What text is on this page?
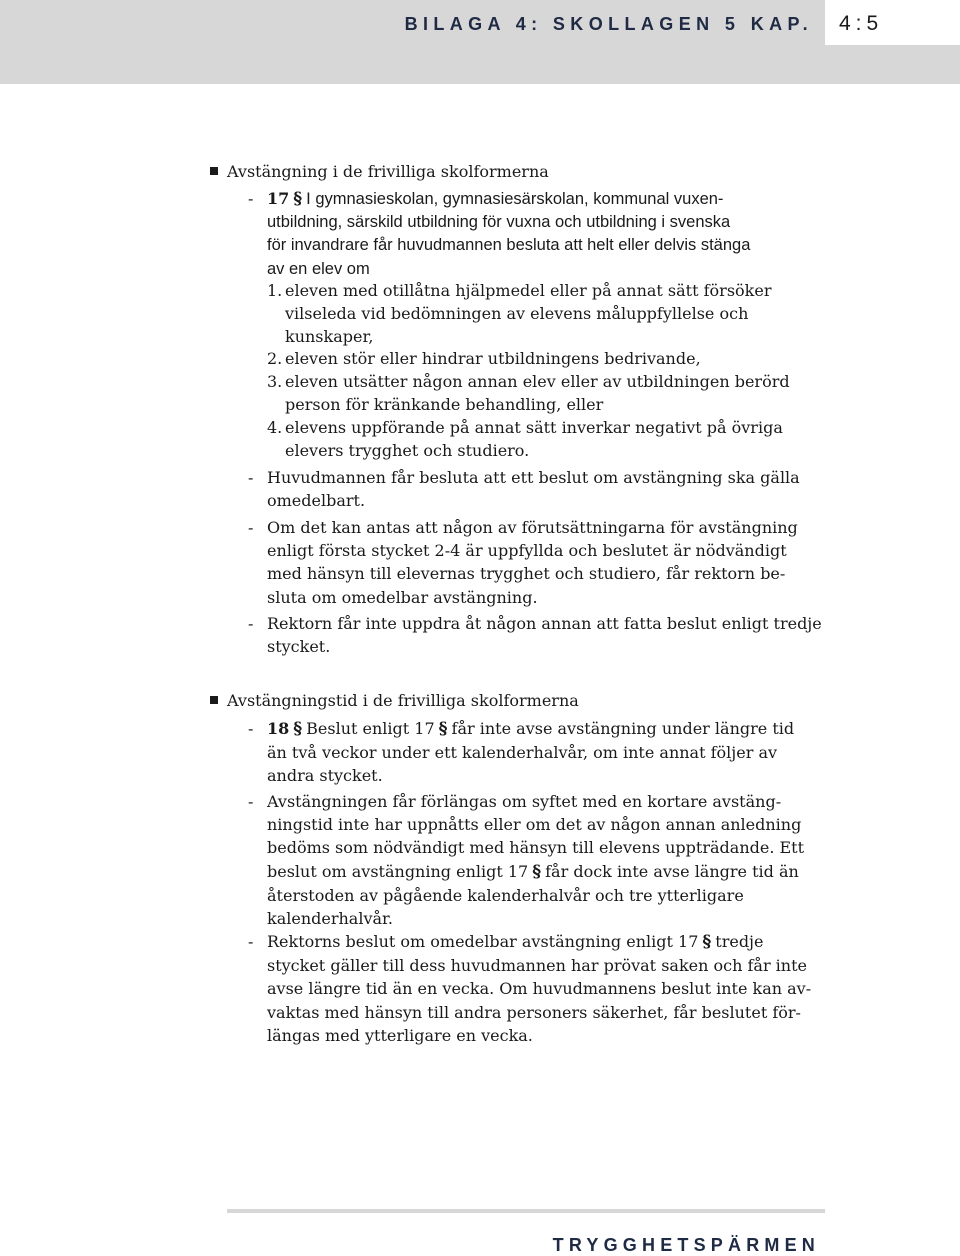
BILAGA 4: SKOLLAGEN 5 KAP. 4:5
Avstängning i de frivilliga skolformerna
- 17 § I gymnasieskolan, gymnasiesärskolan, kommunal vuxen-
utbildning, särskild utbildning för vuxna och utbildning i svenska
för invandrare får huvudmannen besluta att helt eller delvis stänga
av en elev om
1. eleven med otillåtna hjälpmedel eller på annat sätt försöker
vilseleda vid bedömningen av elevens måluppfyllelse och
kunskaper,
2. eleven stör eller hindrar utbildningens bedrivande,
3. eleven utsätter någon annan elev eller av utbildningen berörd
person för kränkande behandling, eller
4. elevens uppförande på annat sätt inverkar negativt på övriga
elevers trygghet och studiero.
- Huvudmannen får besluta att ett beslut om avstängning ska gälla
omedelbart.
- Om det kan antas att någon av förutsättningarna för avstängning
enligt första stycket 2-4 är uppfyllda och beslutet är nödvändigt
med hänsyn till elevernas trygghet och studiero, får rektorn be-
sluta om omedelbar avstängning.
- Rektorn får inte uppdra åt någon annan att fatta beslut enligt tredje
stycket.
Avstängningstid i de frivilliga skolformerna
- 18 § Beslut enligt 17 § får inte avse avstängning under längre tid
än två veckor under ett kalenderhalvår, om inte annat följer av
andra stycket.
- Avstängningen får förlängas om syftet med en kortare avstäng-
ningstid inte har uppnåtts eller om det av någon annan anledning
bedöms som nödvändigt med hänsyn till elevens uppträdande. Ett
beslut om avstängning enligt 17 § får dock inte avse längre tid än
återstoden av pågående kalenderhalvår och tre ytterligare
kalenderhalvår.
- Rektorns beslut om omedelbar avstängning enligt 17 § tredje
stycket gäller till dess huvudmannen har prövat saken och får inte
avse längre tid än en vecka. Om huvudmannens beslut inte kan av-
vaktas med hänsyn till andra personers säkerhet, får beslutet för-
längas med ytterligare en vecka.
TRYGGHETSPÄRMEN
